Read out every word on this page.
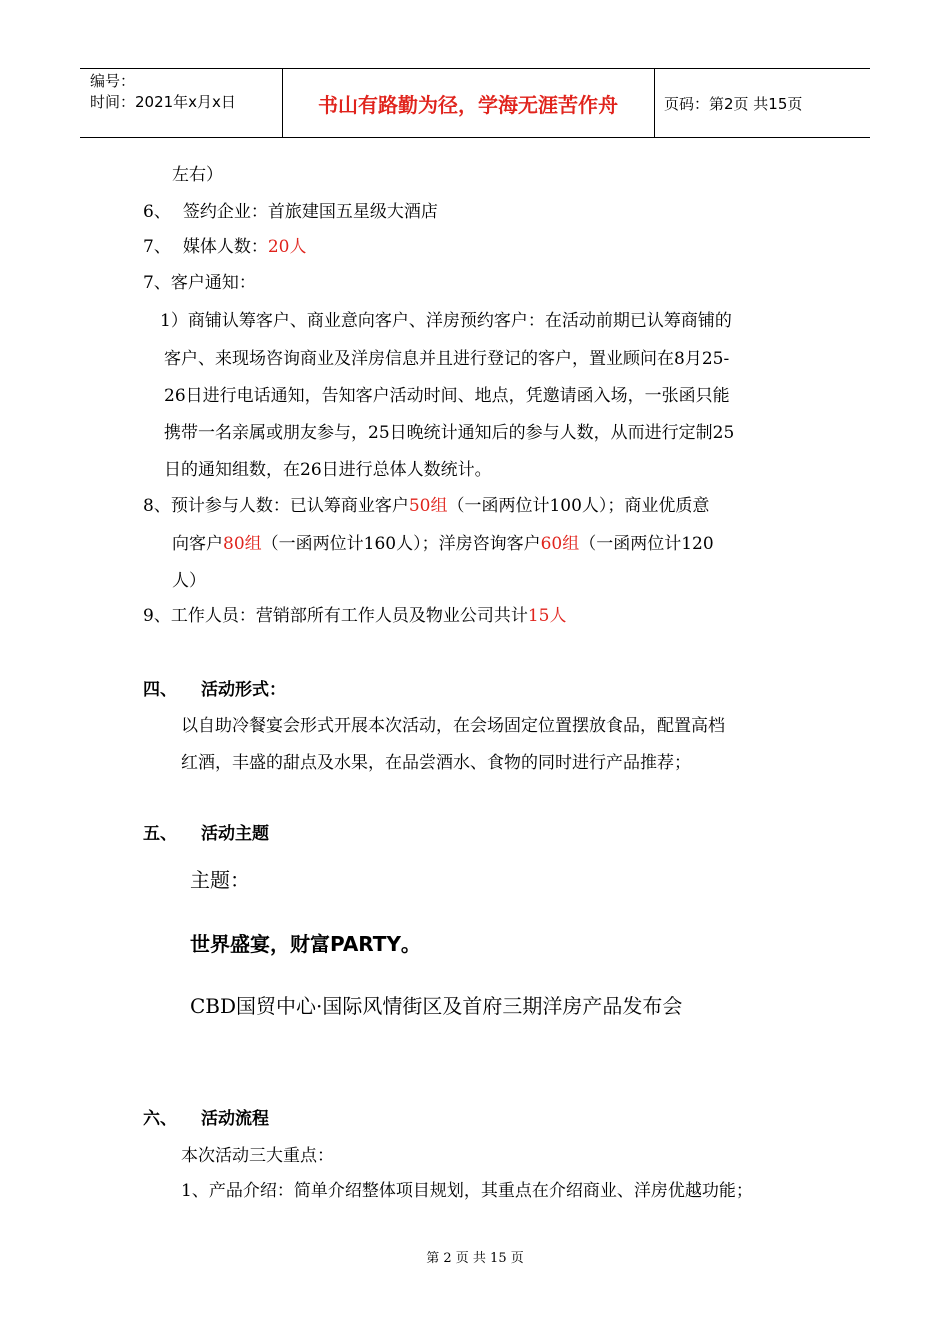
编号：
时间：2021年x月x日	书山有路勤为径，学海无涯苦作舟	页码：第2页 共15页
左右）
6、 签约企业：首旅建国五星级大酒店
7、 媒体人数：20人
7、客户通知：
1）商铺认筹客户、商业意向客户、洋房预约客户：在活动前期已认筹商铺的
客户、来现场咨询商业及洋房信息并且进行登记的客户，置业顾问在8月25-
26日进行电话通知，告知客户活动时间、地点，凭邀请函入场，一张函只能
携带一名亲属或朋友参与，25日晚统计通知后的参与人数，从而进行定制25
日的通知组数，在26日进行总体人数统计。
8、预计参与人数：已认筹商业客户50组（一函两位计100人）；商业优质意
向客户80组（一函两位计160人）；洋房咨询客户60组（一函两位计120
人）
9、工作人员：营销部所有工作人员及物业公司共计15人
四、 活动形式：
以自助冷餐宴会形式开展本次活动，在会场固定位置摆放食品，配置高档
红酒，丰盛的甜点及水果，在品尝酒水、食物的同时进行产品推荐；
五、 活动主题
主题：
世界盛宴，财富PARTY。
CBD国贸中心·国际风情街区及首府三期洋房产品发布会
六、 活动流程
本次活动三大重点：
1、产品介绍：简单介绍整体项目规划，其重点在介绍商业、洋房优越功能；
第 2 页 共 15 页
